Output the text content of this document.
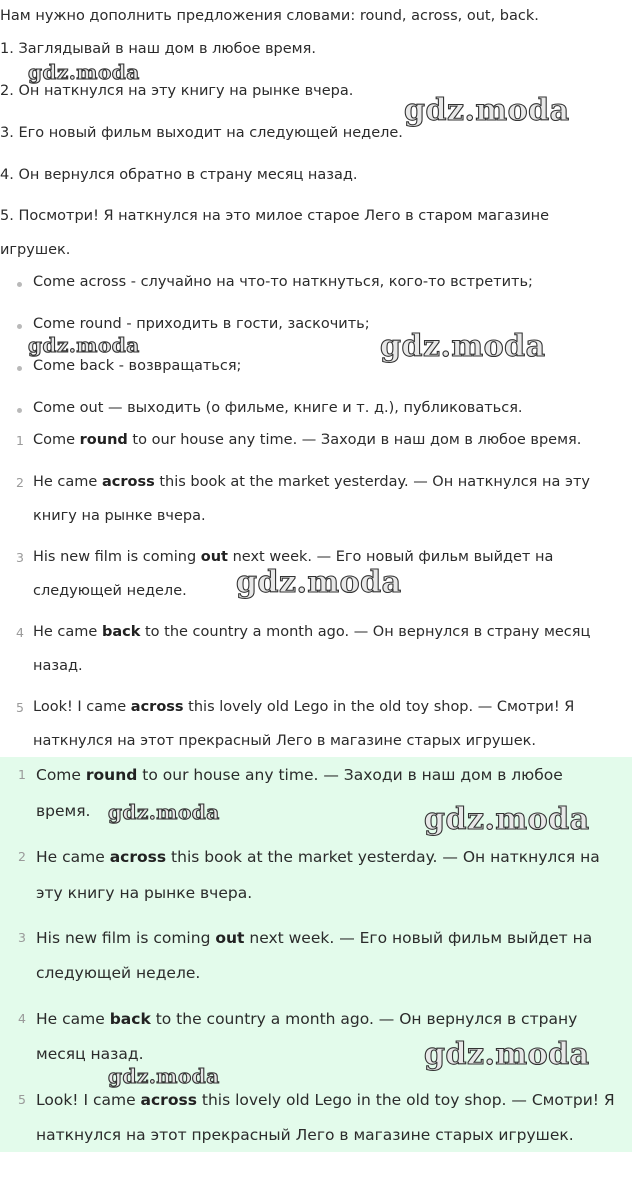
Нам нужно дополнить предложения словами: round, across, out, back.
1. Заглядывай в наш дом в любое время.
2. Он наткнулся на эту книгу на рынке вчера.
3. Его новый фильм выходит на следующей неделе.
4. Он вернулся обратно в страну месяц назад.
5. Посмотри! Я наткнулся на это милое старое Лего в старом магазине
игрушек.
Come across - случайно на что-то наткнуться, кого-то встретить;
Come round - приходить в гости, заскочить;
Come back - возвращаться;
Come out — выходить (о фильме, книге и т. д.), публиковаться.
1 Come round to our house any time. — Заходи в наш дом в любое время.
2 He came across this book at the market yesterday. — Он наткнулся на эту
книгу на рынке вчера.
3 His new film is coming out next week. — Его новый фильм выйдет на
следующей неделе.
4 He came back to the country a month ago. — Он вернулся в страну месяц
назад.
5 Look! I came across this lovely old Lego in the old toy shop. — Смотри! Я
наткнулся на этот прекрасный Лего в магазине старых игрушек.
1 Come round to our house any time. — Заходи в наш дом в любое
время.
2 He came across this book at the market yesterday. — Он наткнулся на
эту книгу на рынке вчера.
3 His new film is coming out next week. — Его новый фильм выйдет на
следующей неделе.
4 He came back to the country a month ago. — Он вернулся в страну
месяц назад.
5 Look! I came across this lovely old Lego in the old toy shop. — Смотри! Я
наткнулся на этот прекрасный Лего в магазине старых игрушек.
gdz.moda
gdz.moda
gdz.moda	gdz.moda
gdz.moda
gdz.moda	gdz.moda
gdz.moda
gdz.moda
